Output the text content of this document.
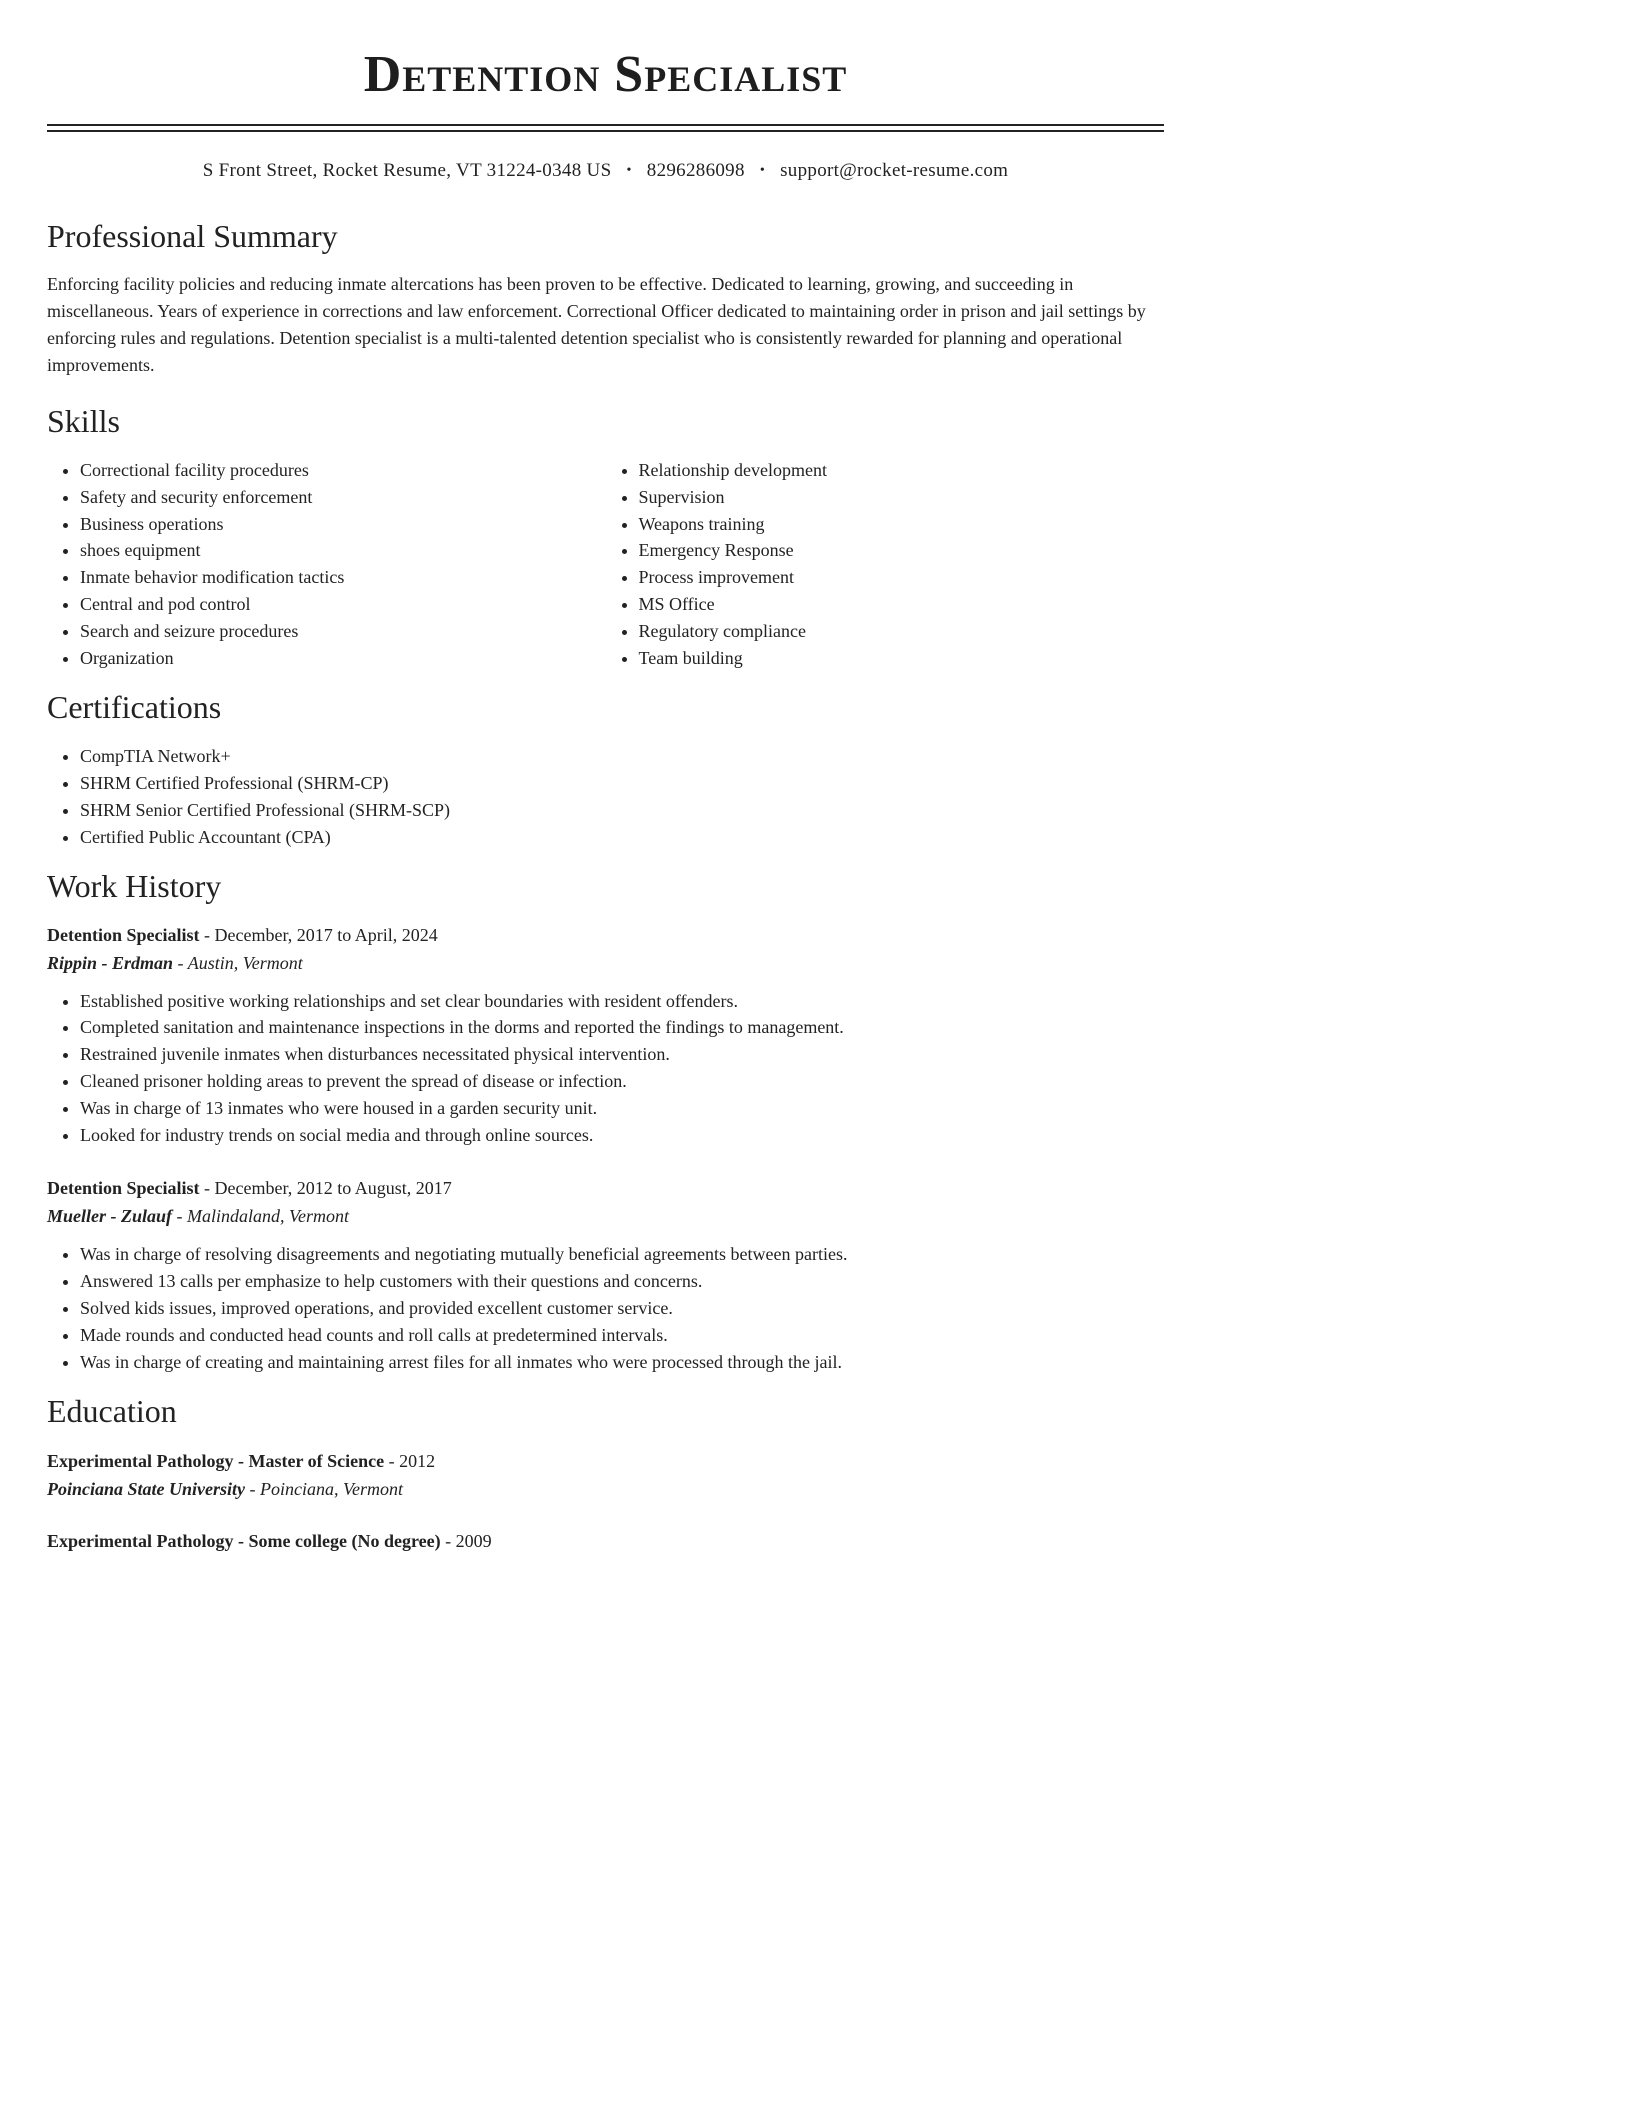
Detention Specialist
S Front Street, Rocket Resume, VT 31224-0348 US • 8296286098 • support@rocket-resume.com
Professional Summary

Enforcing facility policies and reducing inmate altercations has been proven to be effective. Dedicated to learning, growing, and succeeding in miscellaneous. Years of experience in corrections and law enforcement. Correctional Officer dedicated to maintaining order in prison and jail settings by enforcing rules and regulations. Detention specialist is a multi-talented detention specialist who is consistently rewarded for planning and operational improvements.

Skills
• Correctional facility procedures
• Safety and security enforcement
• Business operations
• shoes equipment
• Inmate behavior modification tactics
• Central and pod control
• Search and seizure procedures
• Organization
• Relationship development
• Supervision
• Weapons training
• Emergency Response
• Process improvement
• MS Office
• Regulatory compliance
• Team building
Certifications
• CompTIA Network+
• SHRM Certified Professional (SHRM-CP)
• SHRM Senior Certified Professional (SHRM-SCP)
• Certified Public Accountant (CPA)
Work History
Detention Specialist - December, 2017 to April, 2024
Rippin - Erdman - Austin, Vermont
• Established positive working relationships and set clear boundaries with resident offenders.
• Completed sanitation and maintenance inspections in the dorms and reported the findings to management.
• Restrained juvenile inmates when disturbances necessitated physical intervention.
• Cleaned prisoner holding areas to prevent the spread of disease or infection.
• Was in charge of 13 inmates who were housed in a garden security unit.
• Looked for industry trends on social media and through online sources.
Detention Specialist - December, 2012 to August, 2017
Mueller - Zulauf - Malindaland, Vermont
• Was in charge of resolving disagreements and negotiating mutually beneficial agreements between parties.
• Answered 13 calls per emphasize to help customers with their questions and concerns.
• Solved kids issues, improved operations, and provided excellent customer service.
• Made rounds and conducted head counts and roll calls at predetermined intervals.
• Was in charge of creating and maintaining arrest files for all inmates who were processed through the jail.
Education
Experimental Pathology - Master of Science - 2012
Poinciana State University - Poinciana, Vermont
Experimental Pathology - Some college (No degree) - 2009
